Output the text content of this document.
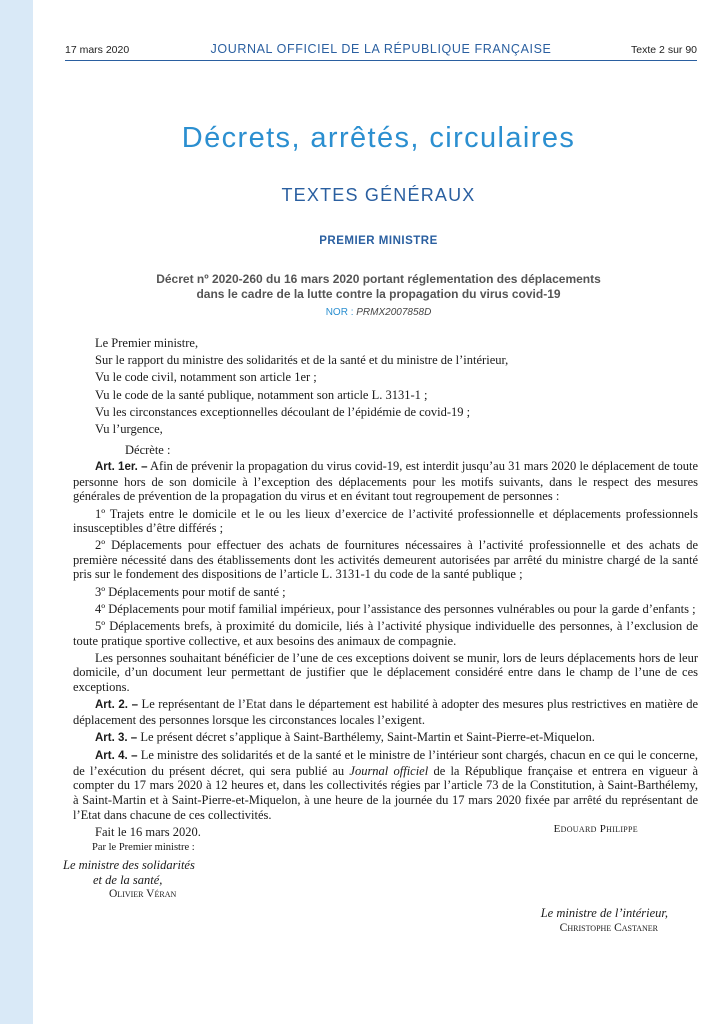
17 mars 2020	JOURNAL OFFICIEL DE LA RÉPUBLIQUE FRANÇAISE	Texte 2 sur 90
Décrets, arrêtés, circulaires
TEXTES GÉNÉRAUX
PREMIER MINISTRE
Décret nº 2020-260 du 16 mars 2020 portant réglementation des déplacements
dans le cadre de la lutte contre la propagation du virus covid-19
NOR : PRMX2007858D

Le Premier ministre,

Sur le rapport du ministre des solidarités et de la santé et du ministre de l’intérieur,

Vu le code civil, notamment son article 1er ;

Vu le code de la santé publique, notamment son article L. 3131-1 ;

Vu les circonstances exceptionnelles découlant de l’épidémie de covid-19 ;

Vu l’urgence,

Décrète :

Art. 1er. – Afin de prévenir la propagation du virus covid-19, est interdit jusqu’au 31 mars 2020 le déplacement de toute personne hors de son domicile à l’exception des déplacements pour les motifs suivants, dans le respect des mesures générales de prévention de la propagation du virus et en évitant tout regroupement de personnes :

1º Trajets entre le domicile et le ou les lieux d’exercice de l’activité professionnelle et déplacements professionnels insusceptibles d’être différés ;

2º Déplacements pour effectuer des achats de fournitures nécessaires à l’activité professionnelle et des achats de première nécessité dans des établissements dont les activités demeurent autorisées par arrêté du ministre chargé de la santé pris sur le fondement des dispositions de l’article L. 3131-1 du code de la santé publique ;

3º Déplacements pour motif de santé ;

4º Déplacements pour motif familial impérieux, pour l’assistance des personnes vulnérables ou pour la garde d’enfants ;

5º Déplacements brefs, à proximité du domicile, liés à l’activité physique individuelle des personnes, à l’exclusion de toute pratique sportive collective, et aux besoins des animaux de compagnie.

Les personnes souhaitant bénéficier de l’une de ces exceptions doivent se munir, lors de leurs déplacements hors de leur domicile, d’un document leur permettant de justifier que le déplacement considéré entre dans le champ de l’une de ces exceptions.

Art. 2. – Le représentant de l’Etat dans le département est habilité à adopter des mesures plus restrictives en matière de déplacement des personnes lorsque les circonstances locales l’exigent.

Art. 3. – Le présent décret s’applique à Saint-Barthélemy, Saint-Martin et Saint-Pierre-et-Miquelon.

Art. 4. – Le ministre des solidarités et de la santé et le ministre de l’intérieur sont chargés, chacun en ce qui le concerne, de l’exécution du présent décret, qui sera publié au Journal officiel de la République française et entrera en vigueur à compter du 17 mars 2020 à 12 heures et, dans les collectivités régies par l’article 73 de la Constitution, à Saint-Barthélemy, à Saint-Martin et à Saint-Pierre-et-Miquelon, à une heure de la journée du 17 mars 2020 fixée par arrêté du représentant de l’Etat dans chacune de ces collectivités.

Fait le 16 mars 2020.	Edouard Philippe
Par le Premier ministre :
Le ministre des solidarités
et de la santé,
Olivier Véran
Le ministre de l’intérieur,
Christophe Castaner
